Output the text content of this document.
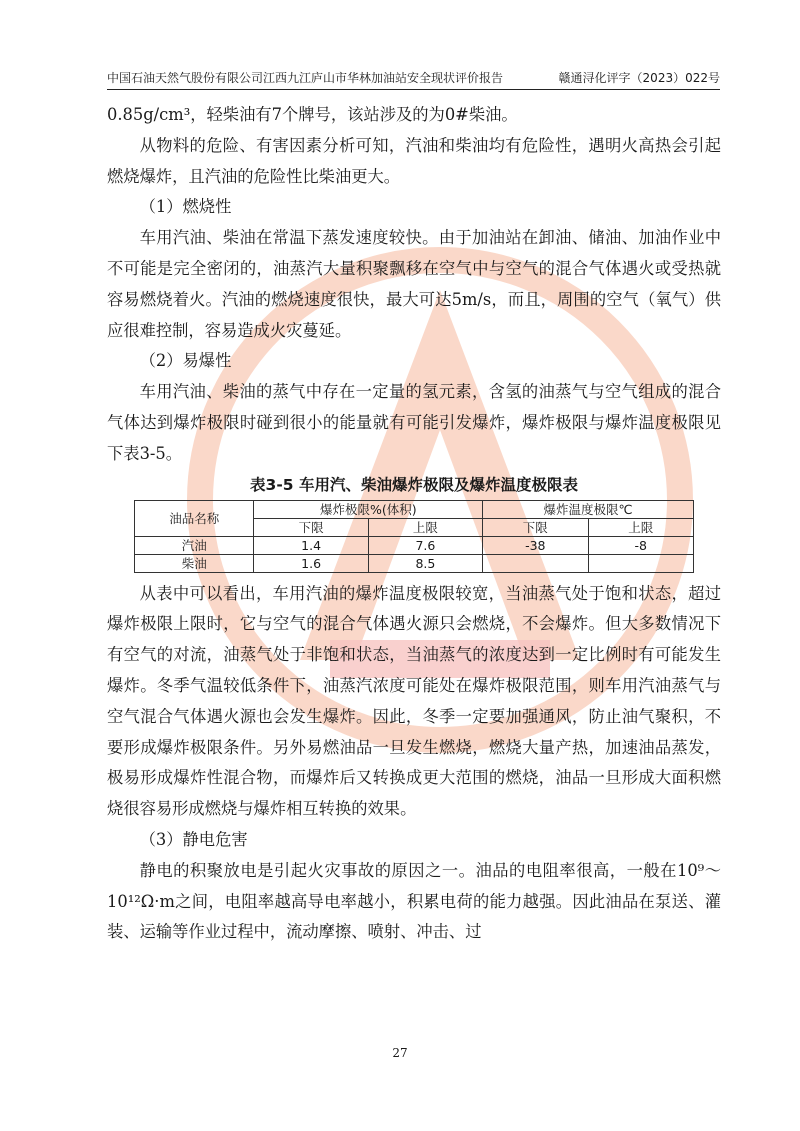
中国石油天然气股份有限公司江西九江庐山市华林加油站安全现状评价报告	赣通浔化评字（2023）022号

0.85g/cm³，轻柴油有7个牌号，该站涉及的为0#柴油。

从物料的危险、有害因素分析可知，汽油和柴油均有危险性，遇明火高热会引起燃烧爆炸，且汽油的危险性比柴油更大。

（1）燃烧性

车用汽油、柴油在常温下蒸发速度较快。由于加油站在卸油、储油、加油作业中不可能是完全密闭的，油蒸汽大量积聚飘移在空气中与空气的混合气体遇火或受热就容易燃烧着火。汽油的燃烧速度很快，最大可达5m/s，而且，周围的空气（氧气）供应很难控制，容易造成火灾蔓延。

（2）易爆性

车用汽油、柴油的蒸气中存在一定量的氢元素，含氢的油蒸气与空气组成的混合气体达到爆炸极限时碰到很小的能量就有可能引发爆炸，爆炸极限与爆炸温度极限见下表3-5。

表3-5 车用汽、柴油爆炸极限及爆炸温度极限表
油品名称	爆炸极限%(体积)		爆炸温度极限℃	
	下限	上限	下限	上限
汽油	1.4	7.6	-38	-8
柴油	1.6	8.5		

从表中可以看出，车用汽油的爆炸温度极限较宽，当油蒸气处于饱和状态，超过爆炸极限上限时，它与空气的混合气体遇火源只会燃烧，不会爆炸。但大多数情况下有空气的对流，油蒸气处于非饱和状态，当油蒸气的浓度达到一定比例时有可能发生爆炸。冬季气温较低条件下，油蒸汽浓度可能处在爆炸极限范围，则车用汽油蒸气与空气混合气体遇火源也会发生爆炸。因此，冬季一定要加强通风，防止油气聚积，不要形成爆炸极限条件。另外易燃油品一旦发生燃烧，燃烧大量产热，加速油品蒸发，极易形成爆炸性混合物，而爆炸后又转换成更大范围的燃烧，油品一旦形成大面积燃烧很容易形成燃烧与爆炸相互转换的效果。

（3）静电危害

静电的积聚放电是引起火灾事故的原因之一。油品的电阻率很高，一般在10⁹～10¹²Ω·m之间，电阻率越高导电率越小，积累电荷的能力越强。因此油品在泵送、灌装、运输等作业过程中，流动摩擦、喷射、冲击、过

27
